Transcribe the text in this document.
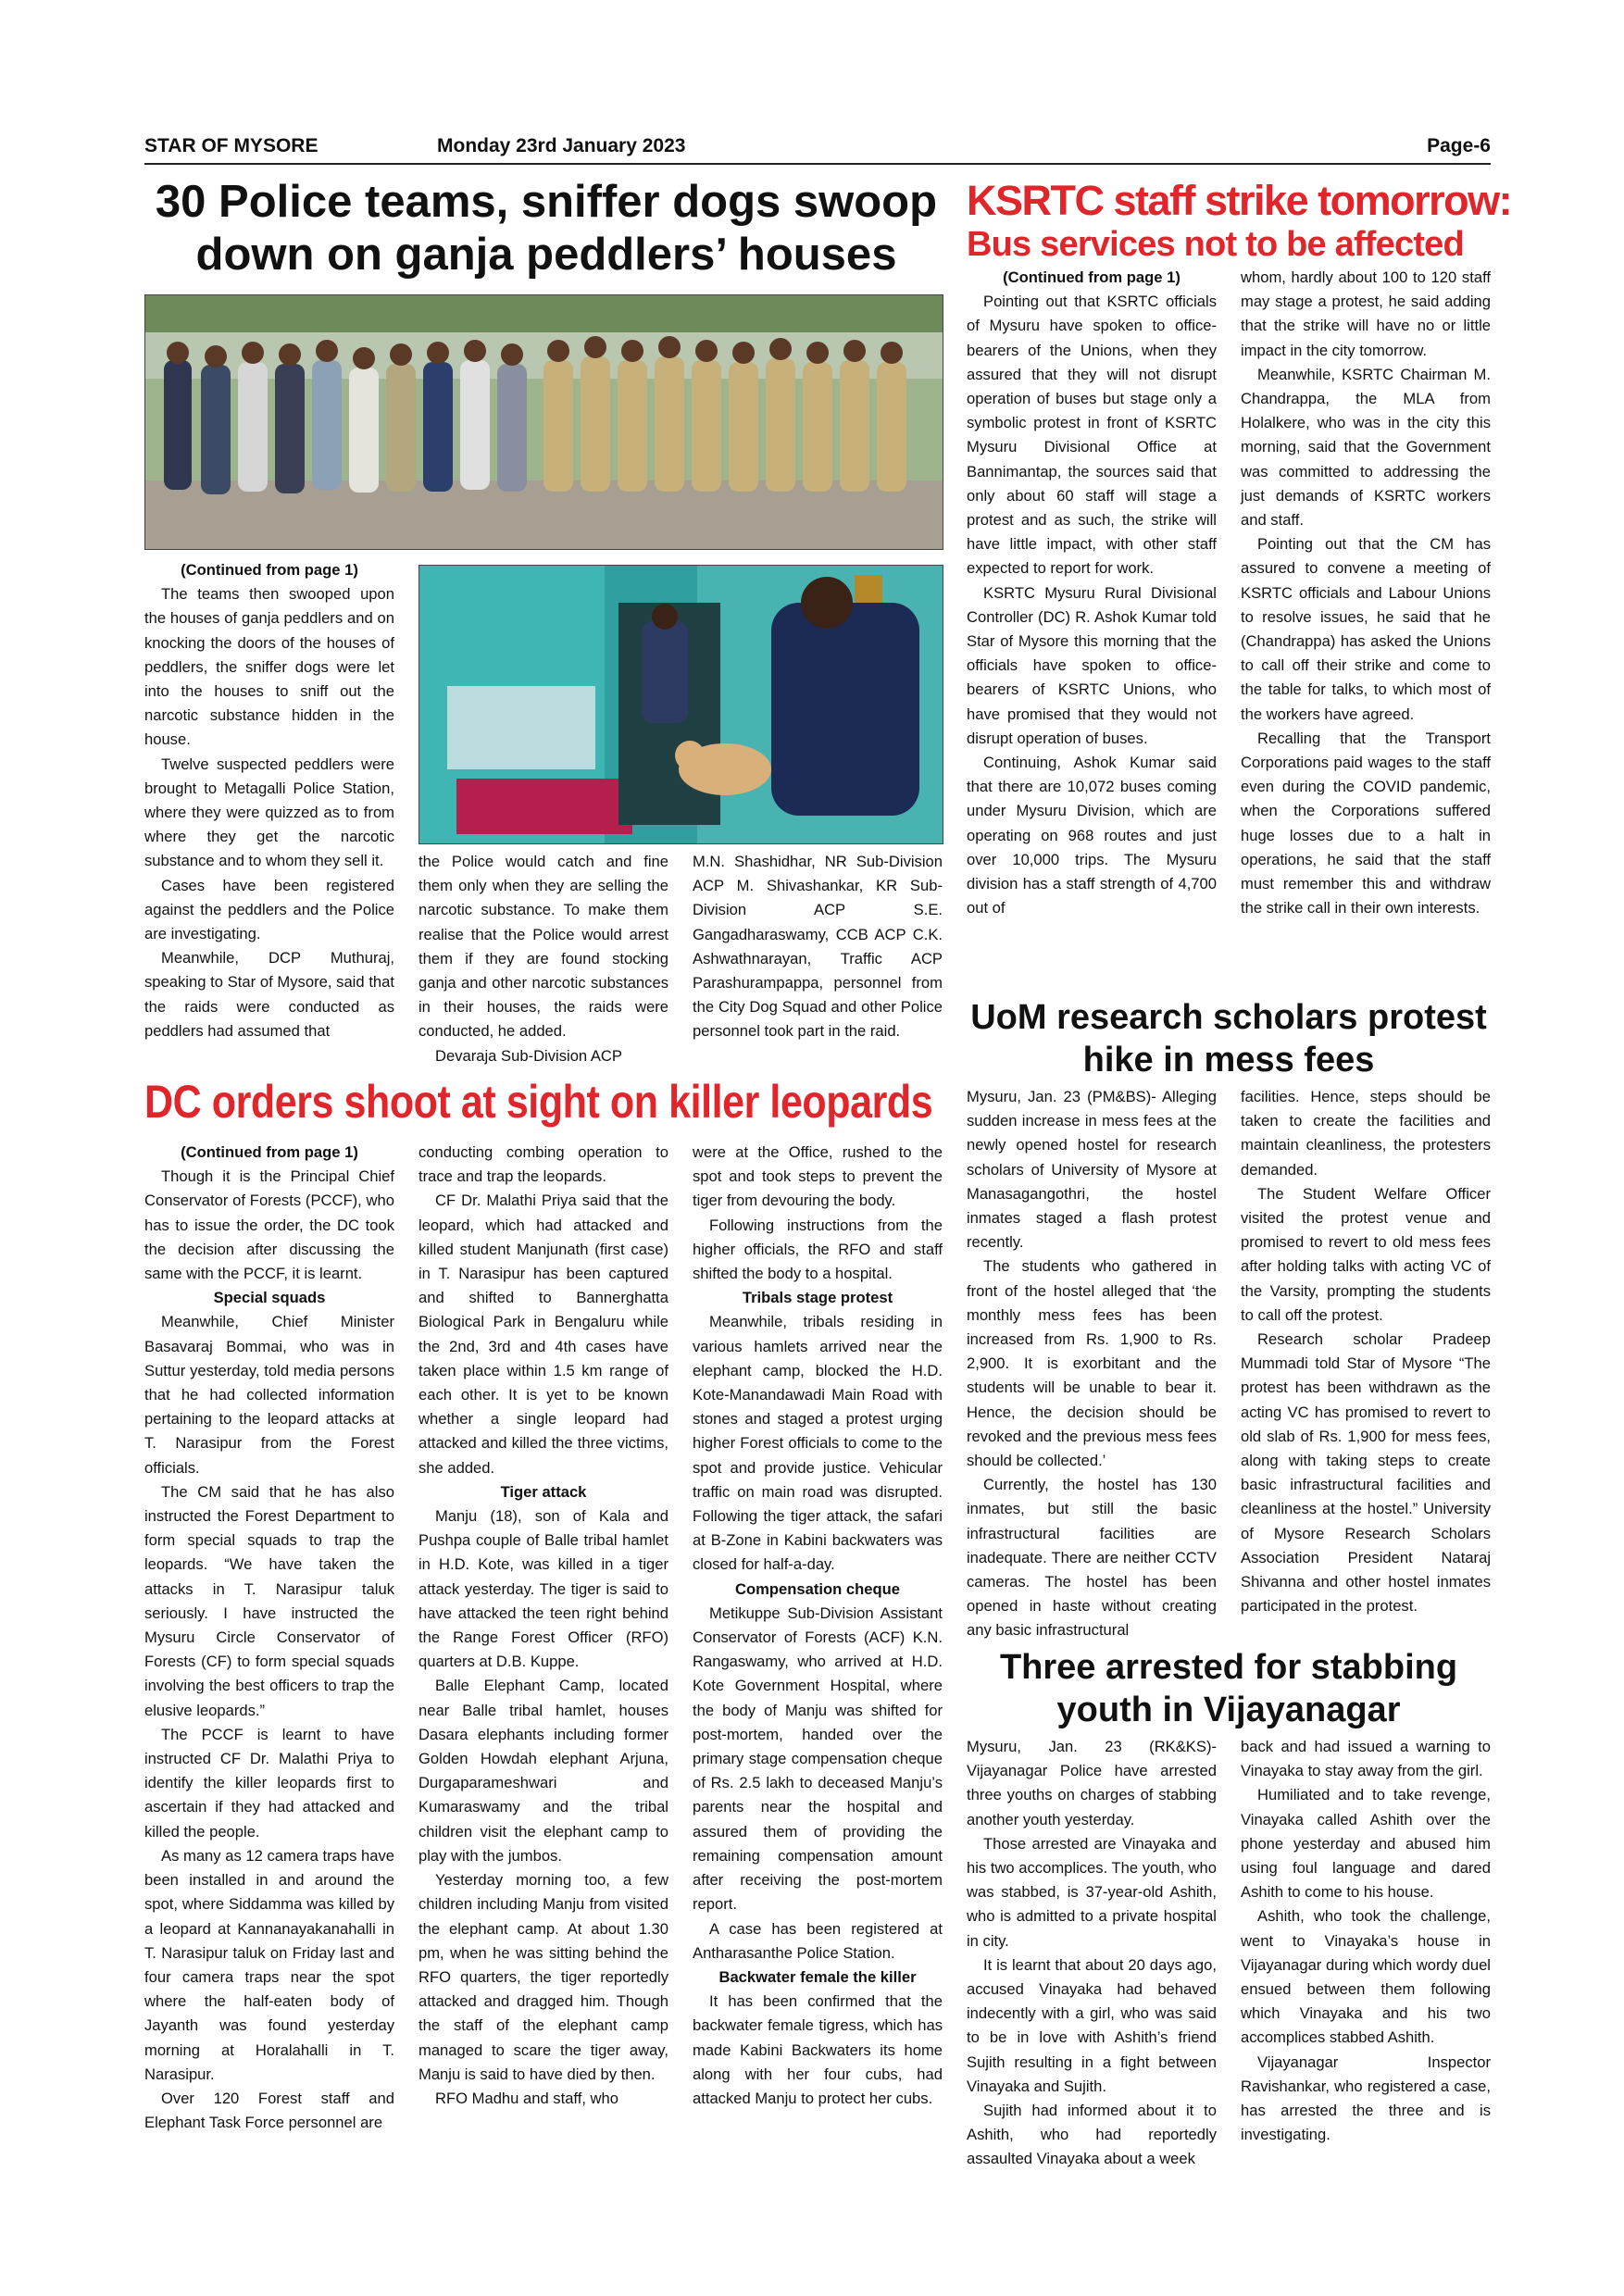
STAR OF MYSORE	Monday 23rd January 2023	Page-6
30 Police teams, sniffer dogs swoop
down on ganja peddlers’ houses

(Continued from page 1)

The teams then swooped upon the houses of ganja peddlers and on knocking the doors of the houses of peddlers, the sniffer dogs were let into the houses to sniff out the narcotic substance hidden in the house.

Twelve suspected peddlers were brought to Metagalli Police Station, where they were quizzed as to from where they get the narcotic substance and to whom they sell it.

Cases have been registered against the peddlers and the Police are investigating.

Meanwhile, DCP Muthuraj, speaking to Star of Mysore, said that the raids were conducted as peddlers had assumed that

the Police would catch and fine them only when they are selling the narcotic substance. To make them realise that the Police would arrest them if they are found stocking ganja and other narcotic substances in their houses, the raids were conducted, he added.

Devaraja Sub-Division ACP

M.N. Shashidhar, NR Sub-Division ACP M. Shivashankar, KR Sub-Division ACP S.E. Gangadharaswamy, CCB ACP C.K. Ashwathnarayan, Traffic ACP Parashurampappa, personnel from the City Dog Squad and other Police personnel took part in the raid.

KSRTC staff strike tomorrow:
Bus services not to be affected

(Continued from page 1)

Pointing out that KSRTC officials of Mysuru have spoken to office-bearers of the Unions, when they assured that they will not disrupt operation of buses but stage only a symbolic protest in front of KSRTC Mysuru Divisional Office at Bannimantap, the sources said that only about 60 staff will stage a protest and as such, the strike will have little impact, with other staff expected to report for work.

KSRTC Mysuru Rural Divisional Controller (DC) R. Ashok Kumar told Star of Mysore this morning that the officials have spoken to office-bearers of KSRTC Unions, who have promised that they would not disrupt operation of buses.

Continuing, Ashok Kumar said that there are 10,072 buses coming under Mysuru Division, which are operating on 968 routes and just over 10,000 trips. The Mysuru division has a staff strength of 4,700 out of

whom, hardly about 100 to 120 staff may stage a protest, he said adding that the strike will have no or little impact in the city tomorrow.

Meanwhile, KSRTC Chairman M. Chandrappa, the MLA from Holalkere, who was in the city this morning, said that the Government was committed to addressing the just demands of KSRTC workers and staff.

Pointing out that the CM has assured to convene a meeting of KSRTC officials and Labour Unions to resolve issues, he said that he (Chandrappa) has asked the Unions to call off their strike and come to the table for talks, to which most of the workers have agreed.

Recalling that the Transport Corporations paid wages to the staff even during the COVID pandemic, when the Corporations suffered huge losses due to a halt in operations, he said that the staff must remember this and withdraw the strike call in their own interests.

UoM research scholars protest
hike in mess fees

Mysuru, Jan. 23 (PM&BS)- Alleging sudden increase in mess fees at the newly opened hostel for research scholars of University of Mysore at Manasagangothri, the hostel inmates staged a flash protest recently.

The students who gathered in front of the hostel alleged that ‘the monthly mess fees has been increased from Rs. 1,900 to Rs. 2,900. It is exorbitant and the students will be unable to bear it. Hence, the decision should be revoked and the previous mess fees should be collected.’

Currently, the hostel has 130 inmates, but still the basic infrastructural facilities are inadequate. There are neither CCTV cameras. The hostel has been opened in haste without creating any basic infrastructural

facilities. Hence, steps should be taken to create the facilities and maintain cleanliness, the protesters demanded.

The Student Welfare Officer visited the protest venue and promised to revert to old mess fees after holding talks with acting VC of the Varsity, prompting the students to call off the protest.

Research scholar Pradeep Mummadi told Star of Mysore “The protest has been withdrawn as the acting VC has promised to revert to old slab of Rs. 1,900 for mess fees, along with taking steps to create basic infrastructural facilities and cleanliness at the hostel.” University of Mysore Research Scholars Association President Nataraj Shivanna and other hostel inmates participated in the protest.

Three arrested for stabbing
youth in Vijayanagar

Mysuru, Jan. 23 (RK&KS)- Vijayanagar Police have arrested three youths on charges of stabbing another youth yesterday.

Those arrested are Vinayaka and his two accomplices. The youth, who was stabbed, is 37-year-old Ashith, who is admitted to a private hospital in city.

It is learnt that about 20 days ago, accused Vinayaka had behaved indecently with a girl, who was said to be in love with Ashith’s friend Sujith resulting in a fight between Vinayaka and Sujith.

Sujith had informed about it to Ashith, who had reportedly assaulted Vinayaka about a week

back and had issued a warning to Vinayaka to stay away from the girl.

Humiliated and to take revenge, Vinayaka called Ashith over the phone yesterday and abused him using foul language and dared Ashith to come to his house.

Ashith, who took the challenge, went to Vinayaka’s house in Vijayanagar during which wordy duel ensued between them following which Vinayaka and his two accomplices stabbed Ashith.

Vijayanagar Inspector Ravishankar, who registered a case, has arrested the three and is investigating.

DC orders shoot at sight on killer leopards

(Continued from page 1)

Though it is the Principal Chief Conservator of Forests (PCCF), who has to issue the order, the DC took the decision after discussing the same with the PCCF, it is learnt.

Special squads

Meanwhile, Chief Minister Basavaraj Bommai, who was in Suttur yesterday, told media persons that he had collected information pertaining to the leopard attacks at T. Narasipur from the Forest officials.

The CM said that he has also instructed the Forest Department to form special squads to trap the leopards. “We have taken the attacks in T. Narasipur taluk seriously. I have instructed the Mysuru Circle Conservator of Forests (CF) to form special squads involving the best officers to trap the elusive leopards.”

The PCCF is learnt to have instructed CF Dr. Malathi Priya to identify the killer leopards first to ascertain if they had attacked and killed the people.

As many as 12 camera traps have been installed in and around the spot, where Siddamma was killed by a leopard at Kannanayakanahalli in T. Narasipur taluk on Friday last and four camera traps near the spot where the half-eaten body of Jayanth was found yesterday morning at Horalahalli in T. Narasipur.

Over 120 Forest staff and Elephant Task Force personnel are

conducting combing operation to trace and trap the leopards.

CF Dr. Malathi Priya said that the leopard, which had attacked and killed student Manjunath (first case) in T. Narasipur has been captured and shifted to Bannerghatta Biological Park in Bengaluru while the 2nd, 3rd and 4th cases have taken place within 1.5 km range of each other. It is yet to be known whether a single leopard had attacked and killed the three victims, she added.

Tiger attack

Manju (18), son of Kala and Pushpa couple of Balle tribal hamlet in H.D. Kote, was killed in a tiger attack yesterday. The tiger is said to have attacked the teen right behind the Range Forest Officer (RFO) quarters at D.B. Kuppe.

Balle Elephant Camp, located near Balle tribal hamlet, houses Dasara elephants including former Golden Howdah elephant Arjuna, Durgaparameshwari and Kumaraswamy and the tribal children visit the elephant camp to play with the jumbos.

Yesterday morning too, a few children including Manju from visited the elephant camp. At about 1.30 pm, when he was sitting behind the RFO quarters, the tiger reportedly attacked and dragged him. Though the staff of the elephant camp managed to scare the tiger away, Manju is said to have died by then.

RFO Madhu and staff, who

were at the Office, rushed to the spot and took steps to prevent the tiger from devouring the body.

Following instructions from the higher officials, the RFO and staff shifted the body to a hospital.

Tribals stage protest

Meanwhile, tribals residing in various hamlets arrived near the elephant camp, blocked the H.D. Kote-Manandawadi Main Road with stones and staged a protest urging higher Forest officials to come to the spot and provide justice. Vehicular traffic on main road was disrupted. Following the tiger attack, the safari at B-Zone in Kabini backwaters was closed for half-a-day.

Compensation cheque

Metikuppe Sub-Division Assistant Conservator of Forests (ACF) K.N. Rangaswamy, who arrived at H.D. Kote Government Hospital, where the body of Manju was shifted for post-mortem, handed over the primary stage compensation cheque of Rs. 2.5 lakh to deceased Manju’s parents near the hospital and assured them of providing the remaining compensation amount after receiving the post-mortem report.

A case has been registered at Antharasanthe Police Station.

Backwater female the killer

It has been confirmed that the backwater female tigress, which has made Kabini Backwaters its home along with her four cubs, had attacked Manju to protect her cubs.
